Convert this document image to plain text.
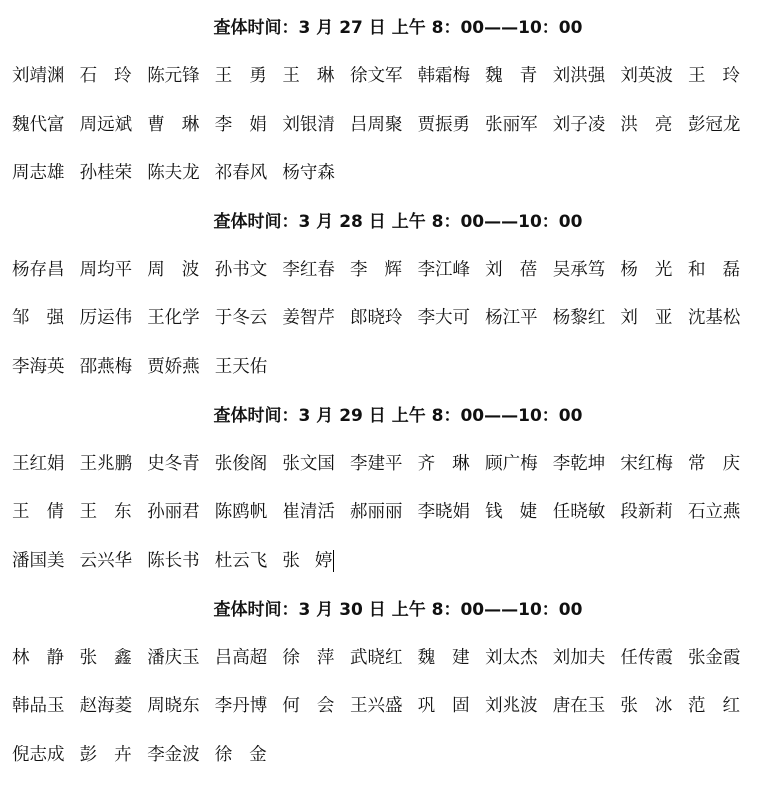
查体时间：3 月 27 日 上午 8：00——10：00
刘靖渊 石 玲 陈元锋 王 勇 王 琳 徐文军 韩霜梅 魏 青 刘洪强 刘英波 王 玲
魏代富 周远斌 曹 琳 李 娟 刘银清 吕周聚 贾振勇 张丽军 刘子凌 洪 亮 彭冠龙
周志雄 孙桂荣 陈夫龙 祁春风 杨守森
查体时间：3 月 28 日 上午 8：00——10：00
杨存昌 周均平 周 波 孙书文 李红春 李 辉 李江峰 刘 蓓 吴承笃 杨 光 和 磊
邹 强 厉运伟 王化学 于冬云 姜智芹 郎晓玲 李大可 杨江平 杨黎红 刘 亚 沈基松
李海英 邵燕梅 贾娇燕 王天佑
查体时间：3 月 29 日 上午 8：00——10：00
王红娟 王兆鹏 史冬青 张俊阁 张文国 李建平 齐 琳 顾广梅 李乾坤 宋红梅 常 庆
王 倩 王 东 孙丽君 陈鸥帆 崔清活 郝丽丽 李晓娟 钱 婕 任晓敏 段新莉 石立燕
潘国美 云兴华 陈长书 杜云飞 张 婷
查体时间：3 月 30 日 上午 8：00——10：00
林 静 张 鑫 潘庆玉 吕高超 徐 萍 武晓红 魏 建 刘太杰 刘加夫 任传霞 张金霞
韩品玉 赵海菱 周晓东 李丹博 何 会 王兴盛 巩 固 刘兆波 唐在玉 张 冰 范 红
倪志成 彭 卉 李金波 徐 金
